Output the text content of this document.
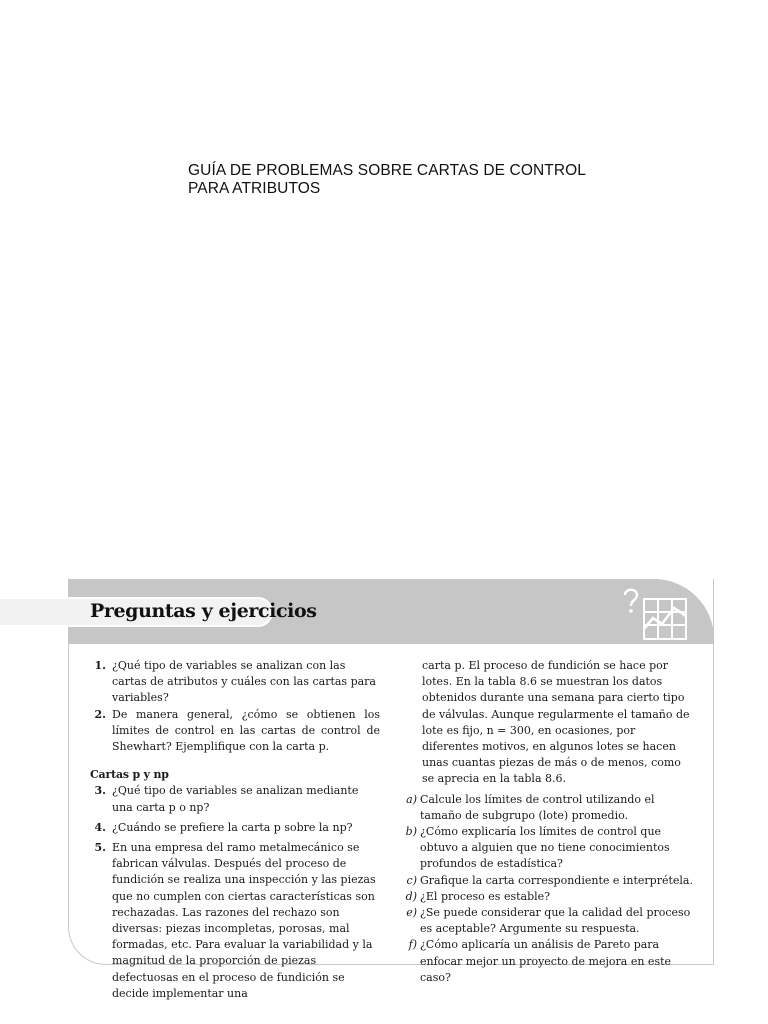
GUÍA DE PROBLEMAS SOBRE CARTAS DE CONTROL
PARA ATRIBUTOS
Preguntas y ejercicios
1. ¿Qué tipo de variables se analizan con las cartas de atributos y cuáles con las cartas para variables?
2. De manera general, ¿cómo se obtienen los límites de control en las cartas de control de Shewhart? Ejemplifique con la carta p.
Cartas p y np
3. ¿Qué tipo de variables se analizan mediante una carta p o np?
4. ¿Cuándo se prefiere la carta p sobre la np?
5. En una empresa del ramo metalmecánico se fabrican válvulas. Después del proceso de fundición se realiza una inspección y las piezas que no cumplen con ciertas características son rechazadas. Las razones del rechazo son diversas: piezas incompletas, porosas, mal formadas, etc. Para evaluar la variabilidad y la magnitud de la proporción de piezas defectuosas en el proceso de fundición se decide implementar una
carta p. El proceso de fundición se hace por lotes. En la tabla 8.6 se muestran los datos obtenidos durante una semana para cierto tipo de válvulas. Aunque regularmente el tamaño de lote es fijo, n = 300, en ocasiones, por diferentes motivos, en algunos lotes se hacen unas cuantas piezas de más o de menos, como se aprecia en la tabla 8.6.
a) Calcule los límites de control utilizando el tamaño de subgrupo (lote) promedio.
b) ¿Cómo explicaría los límites de control que obtuvo a alguien que no tiene conocimientos profundos de estadística?
c) Grafique la carta correspondiente e interprétela.
d) ¿El proceso es estable?
e) ¿Se puede considerar que la calidad del proceso es aceptable? Argumente su respuesta.
f) ¿Cómo aplicaría un análisis de Pareto para enfocar mejor un proyecto de mejora en este caso?
